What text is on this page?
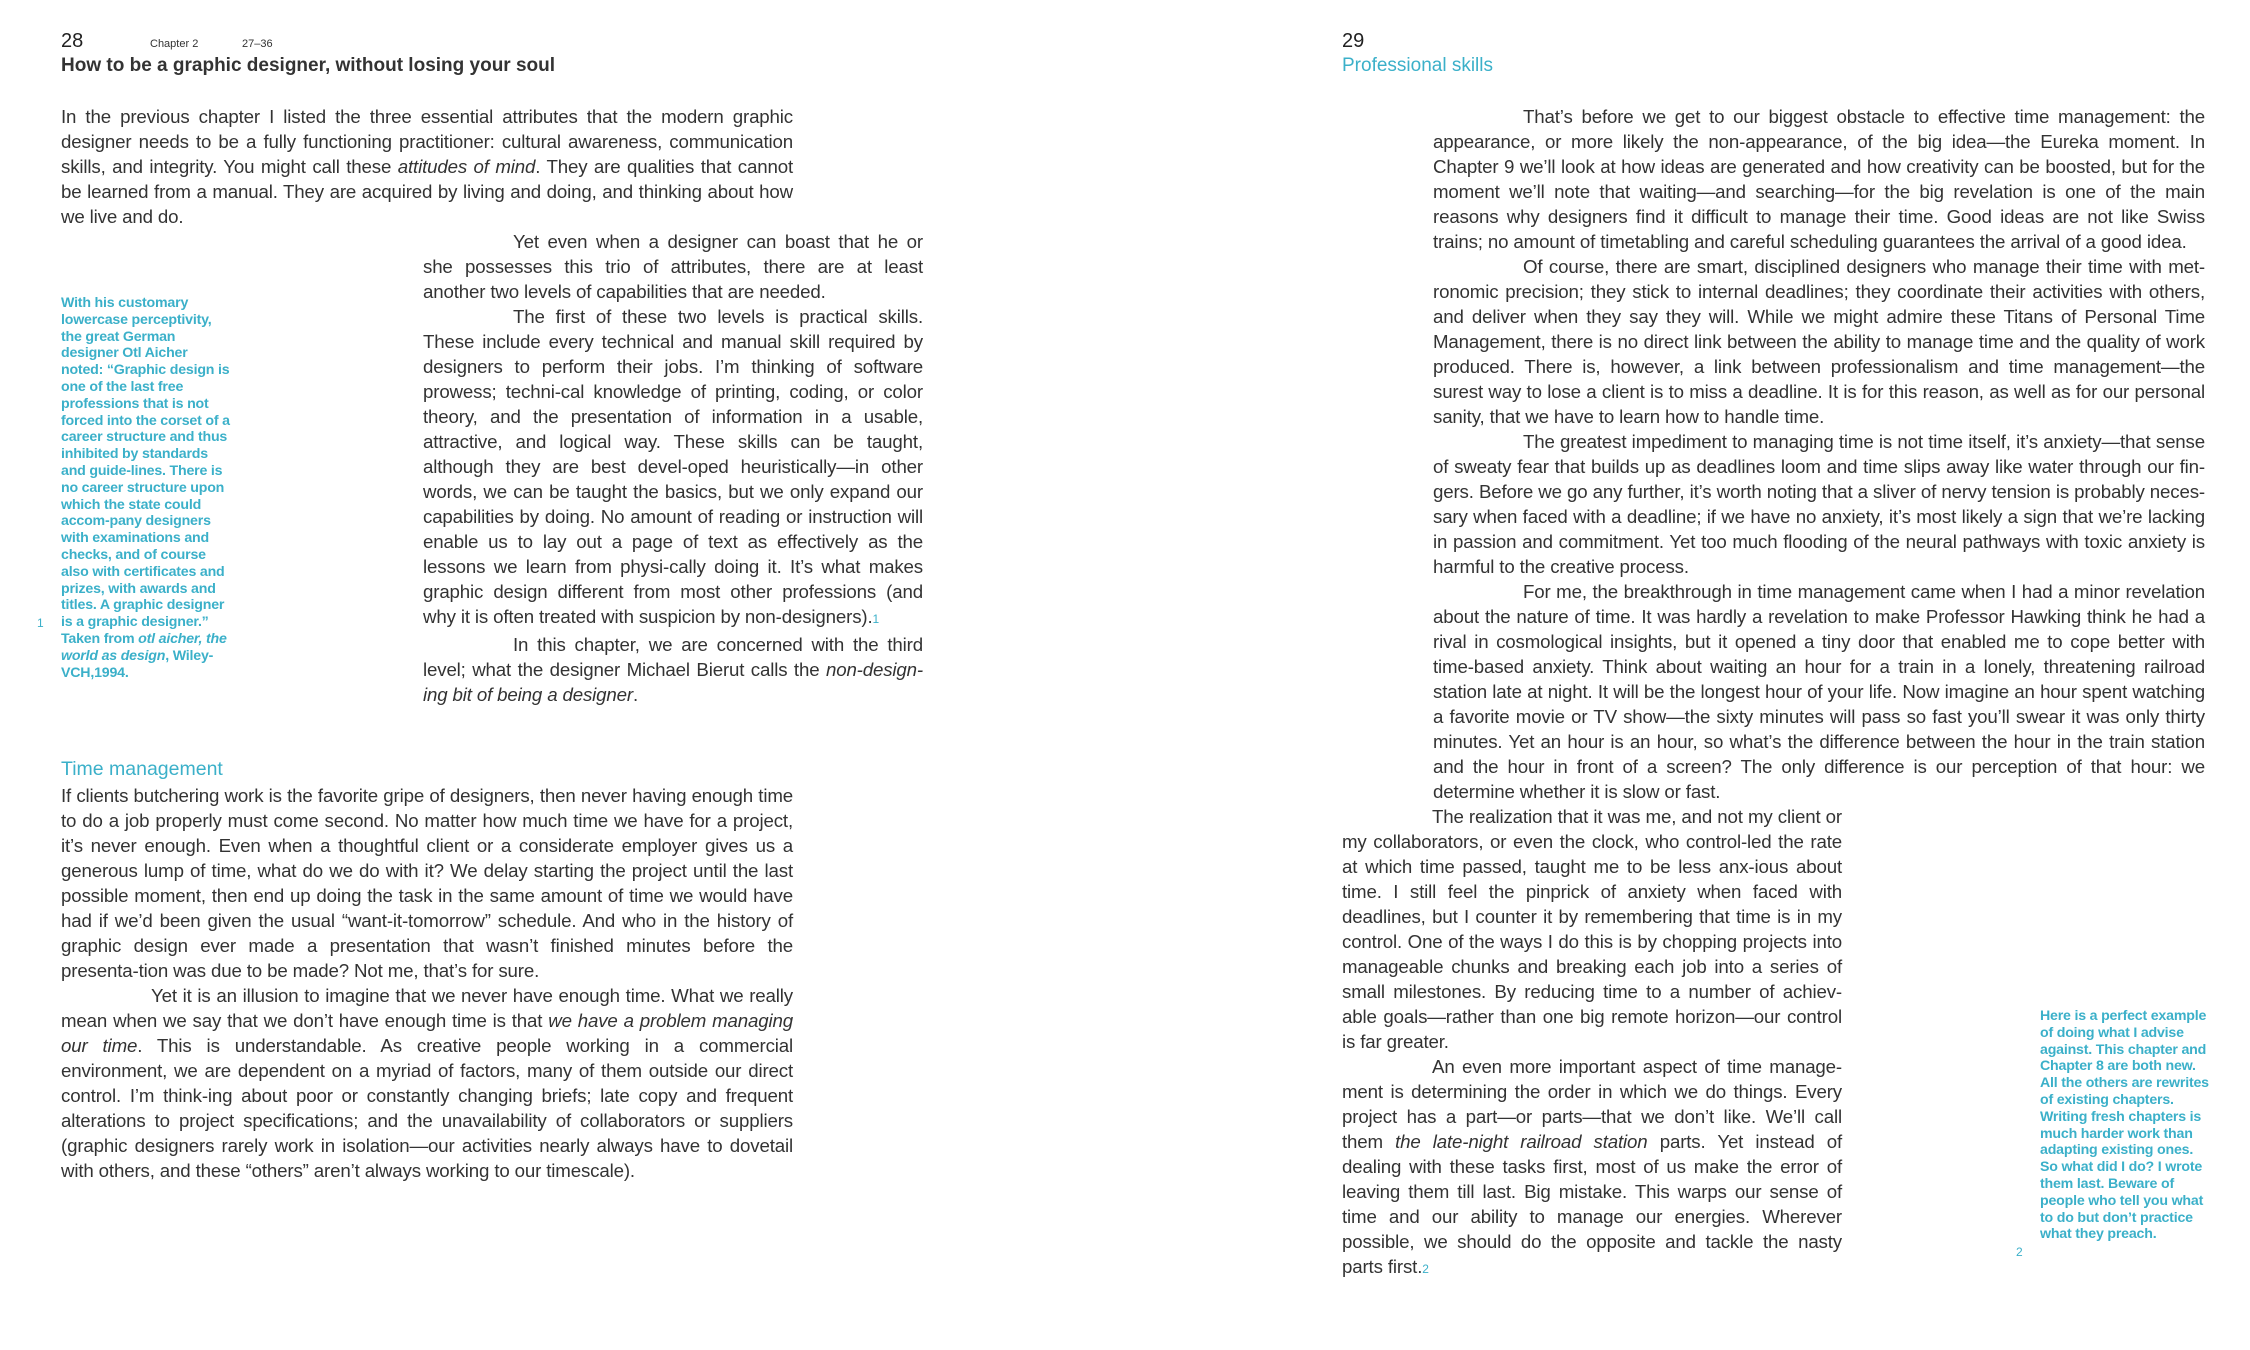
28	Chapter 2	27–36
How to be a graphic designer, without losing your soul

In the previous chapter I listed the three essential attributes that the modern graphic designer needs to be a fully functioning practitioner: cultural awareness, communication skills, and integrity. You might call these attitudes of mind. They are qualities that cannot be learned from a manual. They are acquired by living and doing, and thinking about how we live and do.

Yet even when a designer can boast that he or she possesses this trio of attributes, there are at least another two levels of capabilities that are needed.

The first of these two levels is practical skills. These include every technical and manual skill required by designers to perform their jobs. I’m thinking of software prowess; techni-cal knowledge of printing, coding, or color theory, and the presentation of information in a usable, attractive, and logical way. These skills can be taught, although they are best devel-oped heuristically—in other words, we can be taught the basics, but we only expand our capabilities by doing. No amount of reading or instruction will enable us to lay out a page of text as effectively as the lessons we learn from physi-cally doing it. It’s what makes graphic design different from most other professions (and why it is often treated with suspicion by non-designers).1

In this chapter, we are concerned with the third level; what the designer Michael Bierut calls the non-design-ing bit of being a designer.

With his customary lowercase perceptivity, the great German designer Otl Aicher noted: “Graphic design is one of the last free professions that is not forced into the corset of a career structure and thus inhibited by standards and guide-lines. There is no career structure upon which the state could accom-pany designers with examinations and checks, and of course also with certificates and prizes, with awards and titles. A graphic designer is a graphic designer.” Taken from otl aicher, the world as design, Wiley-VCH,1994.
1
Time management

If clients butchering work is the favorite gripe of designers, then never having enough time to do a job properly must come second. No matter how much time we have for a project, it’s never enough. Even when a thoughtful client or a considerate employer gives us a generous lump of time, what do we do with it? We delay starting the project until the last possible moment, then end up doing the task in the same amount of time we would have had if we’d been given the usual “want-it-tomorrow” schedule. And who in the history of graphic design ever made a presentation that wasn’t finished minutes before the presenta-tion was due to be made? Not me, that’s for sure.

Yet it is an illusion to imagine that we never have enough time. What we really mean when we say that we don’t have enough time is that we have a problem managing our time. This is understandable. As creative people working in a commercial environment, we are dependent on a myriad of factors, many of them outside our direct control. I’m think-ing about poor or constantly changing briefs; late copy and frequent alterations to project specifications; and the unavailability of collaborators or suppliers (graphic designers rarely work in isolation—our activities nearly always have to dovetail with others, and these “others” aren’t always working to our timescale).

29
Professional skills

That’s before we get to our biggest obstacle to effective time management: the appearance, or more likely the non-appearance, of the big idea—the Eureka moment. In Chapter 9 we’ll look at how ideas are generated and how creativity can be boosted, but for the moment we’ll note that waiting—and searching—for the big revelation is one of the main reasons why designers find it difficult to manage their time. Good ideas are not like Swiss trains; no amount of timetabling and careful scheduling guarantees the arrival of a good idea.

Of course, there are smart, disciplined designers who manage their time with met-ronomic precision; they stick to internal deadlines; they coordinate their activities with others, and deliver when they say they will. While we might admire these Titans of Personal Time Management, there is no direct link between the ability to manage time and the quality of work produced. There is, however, a link between professionalism and time management—the surest way to lose a client is to miss a deadline. It is for this reason, as well as for our personal sanity, that we have to learn how to handle time.

The greatest impediment to managing time is not time itself, it’s anxiety—that sense of sweaty fear that builds up as deadlines loom and time slips away like water through our fin-gers. Before we go any further, it’s worth noting that a sliver of nervy tension is probably neces-sary when faced with a deadline; if we have no anxiety, it’s most likely a sign that we’re lacking in passion and commitment. Yet too much flooding of the neural pathways with toxic anxiety is harmful to the creative process.

For me, the breakthrough in time management came when I had a minor revelation about the nature of time. It was hardly a revelation to make Professor Hawking think he had a rival in cosmological insights, but it opened a tiny door that enabled me to cope better with time-based anxiety. Think about waiting an hour for a train in a lonely, threatening railroad station late at night. It will be the longest hour of your life. Now imagine an hour spent watching a favorite movie or TV show—the sixty minutes will pass so fast you’ll swear it was only thirty minutes. Yet an hour is an hour, so what’s the difference between the hour in the train station and the hour in front of a screen? The only difference is our perception of that hour: we determine whether it is slow or fast.

The realization that it was me, and not my client or my collaborators, or even the clock, who control-led the rate at which time passed, taught me to be less anx-ious about time. I still feel the pinprick of anxiety when faced with deadlines, but I counter it by remembering that time is in my control. One of the ways I do this is by chopping projects into manageable chunks and breaking each job into a series of small milestones. By reducing time to a number of achiev-able goals—rather than one big remote horizon—our control is far greater.

An even more important aspect of time manage-ment is determining the order in which we do things. Every project has a part—or parts—that we don’t like. We’ll call them the late-night railroad station parts. Yet instead of dealing with these tasks first, most of us make the error of leaving them till last. Big mistake. This warps our sense of time and our ability to manage our energies. Wherever possible, we should do the opposite and tackle the nasty parts first.2

Here is a perfect example of doing what I advise against. This chapter and Chapter 8 are both new. All the others are rewrites of existing chapters. Writing fresh chapters is much harder work than adapting existing ones. So what did I do? I wrote them last. Beware of people who tell you what to do but don’t practice what they preach.
2
